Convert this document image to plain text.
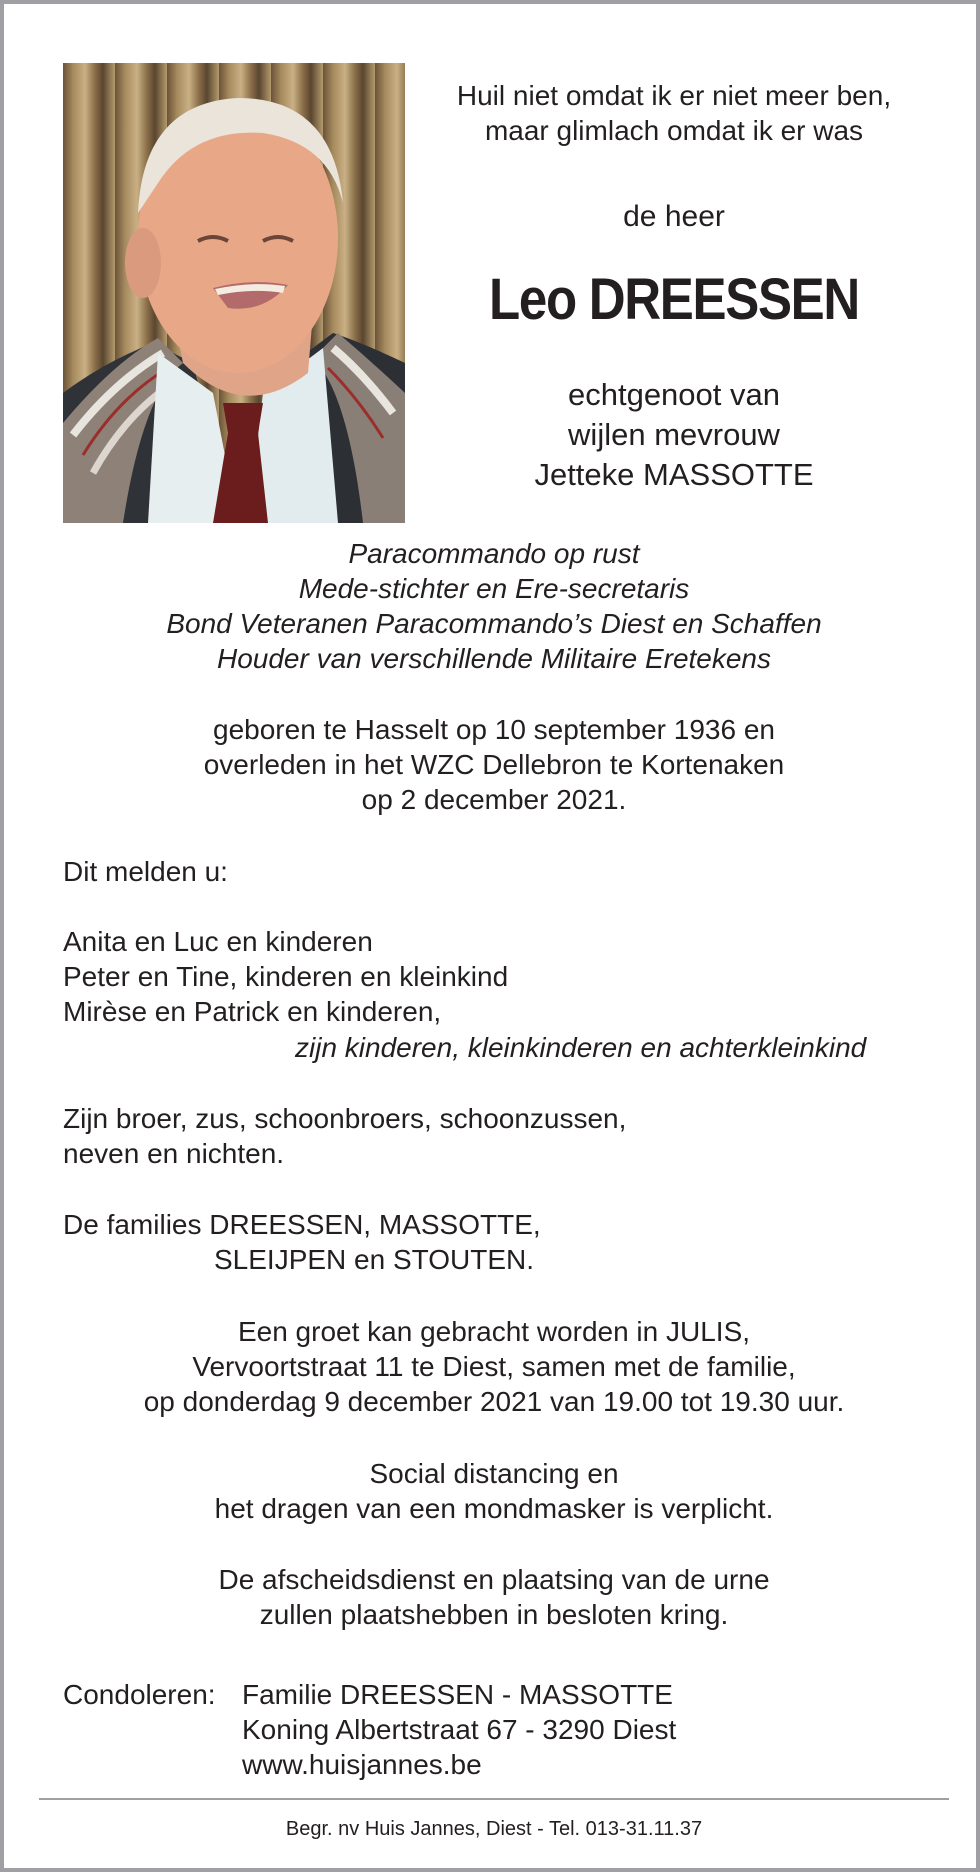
Huil niet omdat ik er niet meer ben,
maar glimlach omdat ik er was
de heer
Leo DREESSEN
echtgenoot van
wijlen mevrouw
Jetteke MASSOTTE
Paracommando op rust
Mede-stichter en Ere-secretaris
Bond Veteranen Paracommando’s Diest en Schaffen
Houder van verschillende Militaire Eretekens
geboren te Hasselt op 10 september 1936 en
overleden in het WZC Dellebron te Kortenaken
op 2 december 2021.
Dit melden u:
Anita en Luc en kinderen
Peter en Tine, kinderen en kleinkind
Mirèse en Patrick en kinderen,
zijn kinderen, kleinkinderen en achterkleinkind
Zijn broer, zus, schoonbroers, schoonzussen,
neven en nichten.
De families DREESSEN, MASSOTTE,
SLEIJPEN en STOUTEN.
Een groet kan gebracht worden in JULIS,
Vervoortstraat 11 te Diest, samen met de familie,
op donderdag 9 december 2021 van 19.00 tot 19.30 uur.
Social distancing en
het dragen van een mondmasker is verplicht.
De afscheidsdienst en plaatsing van de urne
zullen plaatshebben in besloten kring.
Condoleren: Familie DREESSEN - MASSOTTE
Koning Albertstraat 67 - 3290 Diest
www.huisjannes.be
Begr. nv Huis Jannes, Diest - Tel. 013-31.11.37
